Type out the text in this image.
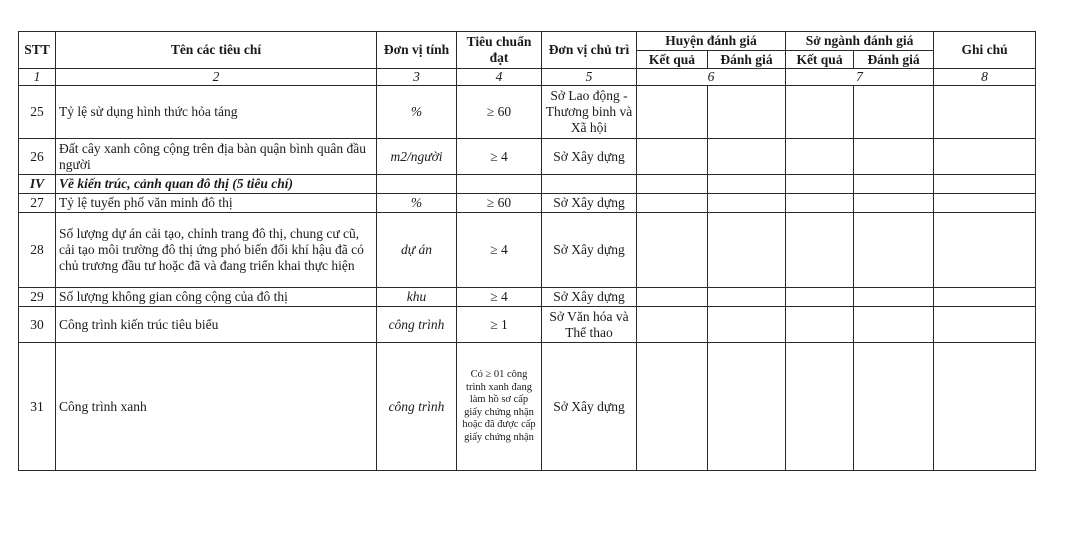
STT	Tên các tiêu chí	Đơn vị tính	Tiêu chuẩn đạt	Đơn vị chủ trì	Huyện đánh giá		Sở ngành đánh giá		Ghi chú
					Kết quả	Đánh giá	Kết quả	Đánh giá	
1	2	3	4	5	6		7		8
25	Tỷ lệ sử dụng hình thức hỏa táng	%	≥ 60	Sở Lao động - Thương binh và Xã hội					
26	Đất cây xanh công cộng trên địa bàn quận bình quân đầu người	m2/người	≥ 4	Sở Xây dựng					
IV	Về kiến trúc, cảnh quan đô thị (5 tiêu chí)								
27	Tỷ lệ tuyến phố văn minh đô thị	%	≥ 60	Sở Xây dựng					
28	Số lượng dự án cải tạo, chỉnh trang đô thị, chung cư cũ, cải tạo môi trường đô thị ứng phó biến đổi khí hậu đã có chủ trương đầu tư hoặc đã và đang triển khai thực hiện	dự án	≥ 4	Sở Xây dựng					
29	Số lượng không gian công cộng của đô thị	khu	≥ 4	Sở Xây dựng					
30	Công trình kiến trúc tiêu biểu	công trình	≥ 1	Sở Văn hóa và Thể thao					
31	Công trình xanh	công trình	Có ≥ 01 công trình xanh đang làm hồ sơ cấp giấy chứng nhận hoặc đã được cấp giấy chứng nhận	Sở Xây dựng					
